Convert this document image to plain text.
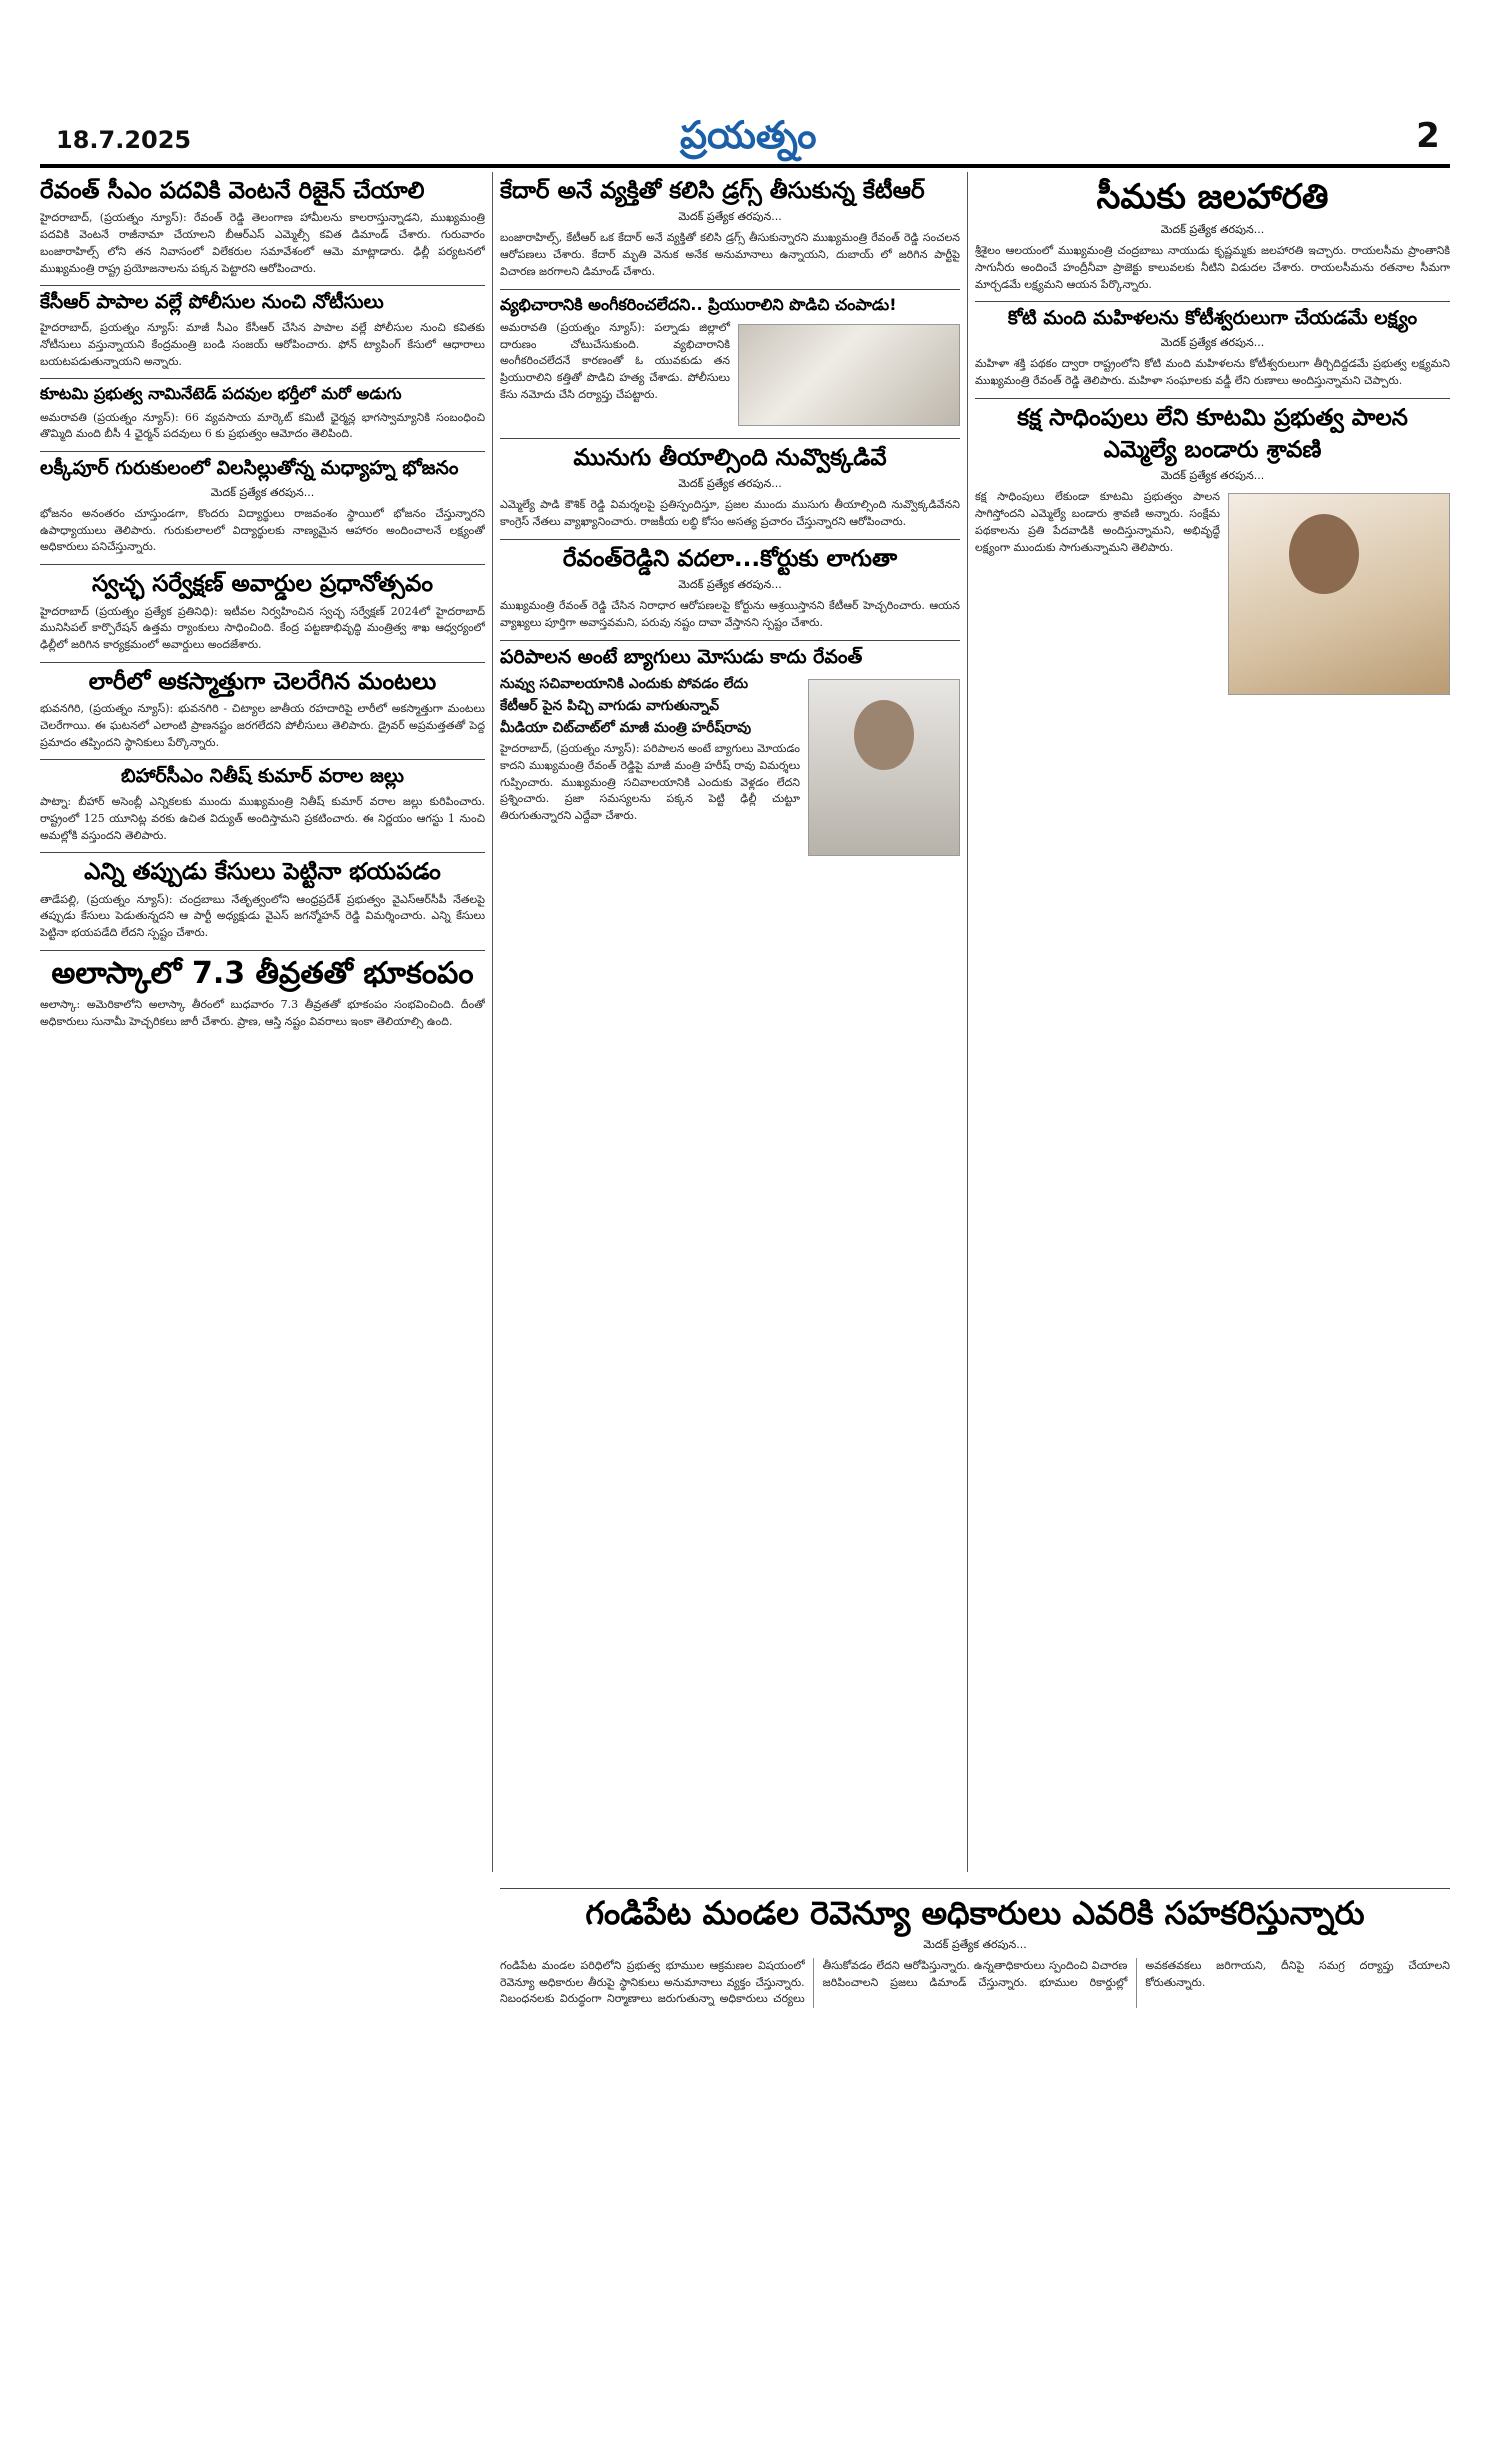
18.7.2025	ప్రయత్నం	2
రేవంత్ సీఎం పదవికి వెంటనే రిజైన్ చేయాలి

హైదరాబాద్, (ప్రయత్నం న్యూస్): రేవంత్ రెడ్డి తెలంగాణ హామీలను కాలరాస్తున్నాడని, ముఖ్యమంత్రి పదవికి వెంటనే రాజీనామా చేయాలని బీఆర్ఎస్ ఎమ్మెల్సీ కవిత డిమాండ్ చేశారు. గురువారం బంజారాహిల్స్ లోని తన నివాసంలో విలేకరుల సమావేశంలో ఆమె మాట్లాడారు. ఢిల్లీ పర్యటనలో ముఖ్యమంత్రి రాష్ట్ర ప్రయోజనాలను పక్కన పెట్టారని ఆరోపించారు.

కేసీఆర్ పాపాల వల్లే పోలీసుల నుంచి నోటీసులు

హైదరాబాద్, ప్రయత్నం న్యూస్: మాజీ సీఎం కేసీఆర్ చేసిన పాపాల వల్లే పోలీసుల నుంచి కవితకు నోటీసులు వస్తున్నాయని కేంద్రమంత్రి బండి సంజయ్ ఆరోపించారు. ఫోన్ ట్యాపింగ్ కేసులో ఆధారాలు బయటపడుతున్నాయని అన్నారు.

కూటమి ప్రభుత్వ నామినేటెడ్ పదవుల భర్తీలో మరో అడుగు

అమరావతి (ప్రయత్నం న్యూస్): 66 వ్యవసాయ మార్కెట్ కమిటీ ఛైర్మన్ల భాగస్వామ్యానికి సంబంధించి తొమ్మిది మంది బీసీ 4 ఛైర్మన్ పదవులు 6 కు ప్రభుత్వం ఆమోదం తెలిపింది.

లక్కీపూర్ గురుకులంలో విలసిల్లుతోన్న మధ్యాహ్న భోజనం
మెదక్ ప్రత్యేక తరపున...

భోజనం అనంతరం చూస్తుండగా, కొందరు విద్యార్థులు రాజవంశం స్థాయిలో భోజనం చేస్తున్నారని ఉపాధ్యాయులు తెలిపారు. గురుకులాలలో విద్యార్థులకు నాణ్యమైన ఆహారం అందించాలనే లక్ష్యంతో అధికారులు పనిచేస్తున్నారు.

స్వచ్ఛ సర్వేక్షణ్ అవార్డుల ప్రధానోత్సవం

హైదరాబాద్ (ప్రయత్నం ప్రత్యేక ప్రతినిధి): ఇటీవల నిర్వహించిన స్వచ్ఛ సర్వేక్షణ్ 2024లో హైదరాబాద్ మునిసిపల్ కార్పొరేషన్ ఉత్తమ ర్యాంకులు సాధించింది. కేంద్ర పట్టణాభివృద్ధి మంత్రిత్వ శాఖ ఆధ్వర్యంలో ఢిల్లీలో జరిగిన కార్యక్రమంలో అవార్డులు అందజేశారు.

లారీలో అకస్మాత్తుగా చెలరేగిన మంటలు

భువనగిరి, (ప్రయత్నం న్యూస్): భువనగిరి - చిట్యాల జాతీయ రహదారిపై లారీలో అకస్మాత్తుగా మంటలు చెలరేగాయి. ఈ ఘటనలో ఎలాంటి ప్రాణనష్టం జరగలేదని పోలీసులు తెలిపారు. డ్రైవర్ అప్రమత్తతతో పెద్ద ప్రమాదం తప్పిందని స్థానికులు పేర్కొన్నారు.

బిహార్‌సీఎం నితీష్ కుమార్ వరాల జల్లు

పాట్నా: బీహార్ అసెంబ్లీ ఎన్నికలకు ముందు ముఖ్యమంత్రి నితీష్ కుమార్ వరాల జల్లు కురిపించారు. రాష్ట్రంలో 125 యూనిట్ల వరకు ఉచిత విద్యుత్ అందిస్తామని ప్రకటించారు. ఈ నిర్ణయం ఆగస్టు 1 నుంచి అమల్లోకి వస్తుందని తెలిపారు.

ఎన్ని తప్పుడు కేసులు పెట్టినా భయపడం

తాడేపల్లి, (ప్రయత్నం న్యూస్): చంద్రబాబు నేతృత్వంలోని ఆంధ్రప్రదేశ్ ప్రభుత్వం వైఎస్ఆర్‌సీపీ నేతలపై తప్పుడు కేసులు పెడుతున్నదని ఆ పార్టీ అధ్యక్షుడు వైఎస్ జగన్మోహన్ రెడ్డి విమర్శించారు. ఎన్ని కేసులు పెట్టినా భయపడేది లేదని స్పష్టం చేశారు.

అలాస్కాలో 7.3 తీవ్రతతో భూకంపం

అలాస్కా: అమెరికాలోని అలాస్కా తీరంలో బుధవారం 7.3 తీవ్రతతో భూకంపం సంభవించింది. దీంతో అధికారులు సునామీ హెచ్చరికలు జారీ చేశారు. ప్రాణ, ఆస్తి నష్టం వివరాలు ఇంకా తెలియాల్సి ఉంది.

కేదార్ అనే వ్యక్తితో కలిసి డ్రగ్స్ తీసుకున్న కేటీఆర్
మెదక్ ప్రత్యేక తరపున...

బంజారాహిల్స్, కేటీఆర్ ఒక కేదార్ అనే వ్యక్తితో కలిసి డ్రగ్స్ తీసుకున్నారని ముఖ్యమంత్రి రేవంత్ రెడ్డి సంచలన ఆరోపణలు చేశారు. కేదార్ మృతి వెనుక అనేక అనుమానాలు ఉన్నాయని, దుబాయ్ లో జరిగిన పార్టీపై విచారణ జరగాలని డిమాండ్ చేశారు.

వ్యభిచారానికి అంగీకరించలేదని.. ప్రియురాలిని పొడిచి చంపాడు!

అమరావతి (ప్రయత్నం న్యూస్): పల్నాడు జిల్లాలో దారుణం చోటుచేసుకుంది. వ్యభిచారానికి అంగీకరించలేదనే కారణంతో ఓ యువకుడు తన ప్రియురాలిని కత్తితో పొడిచి హత్య చేశాడు. పోలీసులు కేసు నమోదు చేసి దర్యాప్తు చేపట్టారు.

మునుగు తీయాల్సింది నువ్వొక్కడివే
మెదక్ ప్రత్యేక తరపున...

ఎమ్మెల్యే పాడి కౌశిక్ రెడ్డి విమర్శలపై ప్రతిస్పందిస్తూ, ప్రజల ముందు ముసుగు తీయాల్సింది నువ్వొక్కడివేనని కాంగ్రెస్ నేతలు వ్యాఖ్యానించారు. రాజకీయ లబ్ధి కోసం అసత్య ప్రచారం చేస్తున్నారని ఆరోపించారు.

రేవంత్‌రెడ్డిని వదలా...కోర్టుకు లాగుతా
మెదక్ ప్రత్యేక తరపున...

ముఖ్యమంత్రి రేవంత్ రెడ్డి చేసిన నిరాధార ఆరోపణలపై కోర్టును ఆశ్రయిస్తానని కేటీఆర్ హెచ్చరించారు. ఆయన వ్యాఖ్యలు పూర్తిగా అవాస్తవమని, పరువు నష్టం దావా వేస్తానని స్పష్టం చేశారు.

పరిపాలన అంటే బ్యాగులు మోసుడు కాదు రేవంత్
నువ్వు సచివాలయానికి ఎందుకు పోవడం లేదు
కేటీఆర్ పైన పిచ్చి వాగుడు వాగుతున్నావ్
మీడియా చిట్‌చాట్‌లో మాజీ మంత్రి హరీష్‌రావు

హైదరాబాద్, (ప్రయత్నం న్యూస్): పరిపాలన అంటే బ్యాగులు మోయడం కాదని ముఖ్యమంత్రి రేవంత్ రెడ్డిపై మాజీ మంత్రి హరీష్ రావు విమర్శలు గుప్పించారు. ముఖ్యమంత్రి సచివాలయానికి ఎందుకు వెళ్లడం లేదని ప్రశ్నించారు. ప్రజా సమస్యలను పక్కన పెట్టి ఢిల్లీ చుట్టూ తిరుగుతున్నారని ఎద్దేవా చేశారు.

సీమకు జలహారతి
మెదక్ ప్రత్యేక తరపున...

శ్రీశైలం ఆలయంలో ముఖ్యమంత్రి చంద్రబాబు నాయుడు కృష్ణమ్మకు జలహారతి ఇచ్చారు. రాయలసీమ ప్రాంతానికి సాగునీరు అందించే హంద్రీనీవా ప్రాజెక్టు కాలువలకు నీటిని విడుదల చేశారు. రాయలసీమను రతనాల సీమగా మార్చడమే లక్ష్యమని ఆయన పేర్కొన్నారు.

కోటి మంది మహిళలను కోటీశ్వరులుగా చేయడమే లక్ష్యం
మెదక్ ప్రత్యేక తరపున...

మహిళా శక్తి పథకం ద్వారా రాష్ట్రంలోని కోటి మంది మహిళలను కోటీశ్వరులుగా తీర్చిదిద్దడమే ప్రభుత్వ లక్ష్యమని ముఖ్యమంత్రి రేవంత్ రెడ్డి తెలిపారు. మహిళా సంఘాలకు వడ్డీ లేని రుణాలు అందిస్తున్నామని చెప్పారు.

కక్ష సాధింపులు లేని కూటమి ప్రభుత్వ పాలన
ఎమ్మెల్యే బండారు శ్రావణి
మెదక్ ప్రత్యేక తరపున...

కక్ష సాధింపులు లేకుండా కూటమి ప్రభుత్వం పాలన సాగిస్తోందని ఎమ్మెల్యే బండారు శ్రావణి అన్నారు. సంక్షేమ పథకాలను ప్రతి పేదవాడికి అందిస్తున్నామని, అభివృద్ధే లక్ష్యంగా ముందుకు సాగుతున్నామని తెలిపారు.

గండిపేట మండల రెవెన్యూ అధికారులు ఎవరికి సహకరిస్తున్నారు
మెదక్ ప్రత్యేక తరపున...

గండిపేట మండల పరిధిలోని ప్రభుత్వ భూముల ఆక్రమణల విషయంలో రెవెన్యూ అధికారుల తీరుపై స్థానికులు అనుమానాలు వ్యక్తం చేస్తున్నారు. నిబంధనలకు విరుద్ధంగా నిర్మాణాలు జరుగుతున్నా అధికారులు చర్యలు తీసుకోవడం లేదని ఆరోపిస్తున్నారు. ఉన్నతాధికారులు స్పందించి విచారణ జరిపించాలని ప్రజలు డిమాండ్ చేస్తున్నారు. భూముల రికార్డుల్లో అవకతవకలు జరిగాయని, దీనిపై సమగ్ర దర్యాప్తు చేయాలని కోరుతున్నారు.
